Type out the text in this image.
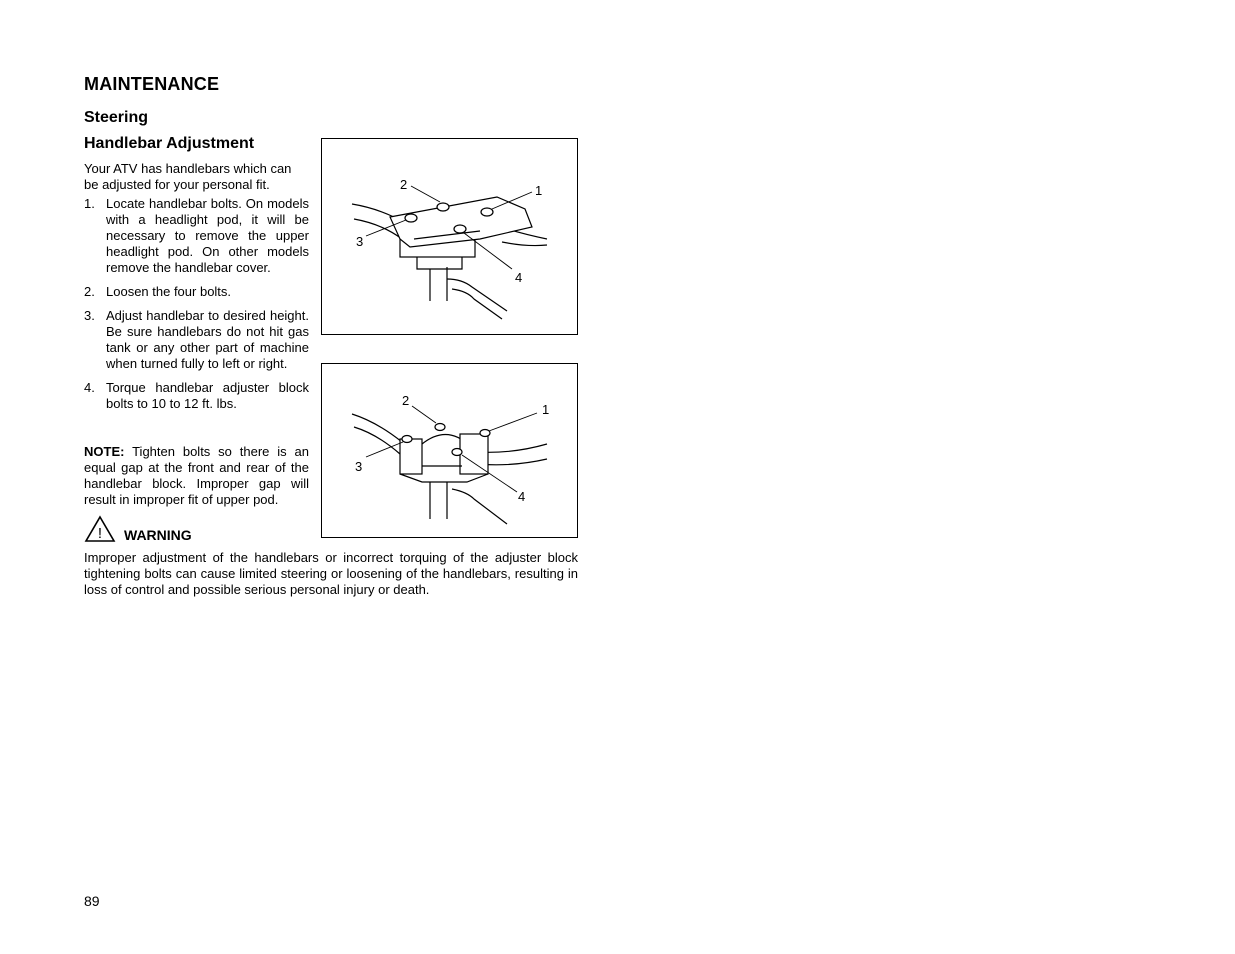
MAINTENANCE
Steering
Handlebar Adjustment
Your ATV has handlebars which can be adjusted for your personal fit.
1. Locate handlebar bolts. On models with a headlight pod, it will be necessary to remove the upper headlight pod. On other models remove the handlebar cover.
2. Loosen the four bolts.
3. Adjust handlebar to desired height. Be sure handlebars do not hit gas tank or any other part of machine when turned fully to left or right.
4. Torque handlebar adjuster block bolts to 10 to 12 ft. lbs.
NOTE: Tighten bolts so there is an equal gap at the front and rear of the handlebar block. Improper gap will result in improper fit of upper pod.
! WARNING
Improper adjustment of the handlebars or incorrect torquing of the adjuster block tightening bolts can cause limited steering or loosening of the handlebars, resulting in loss of control and possible serious personal injury or death.
2	1
3
4
2
1
3
4
89
